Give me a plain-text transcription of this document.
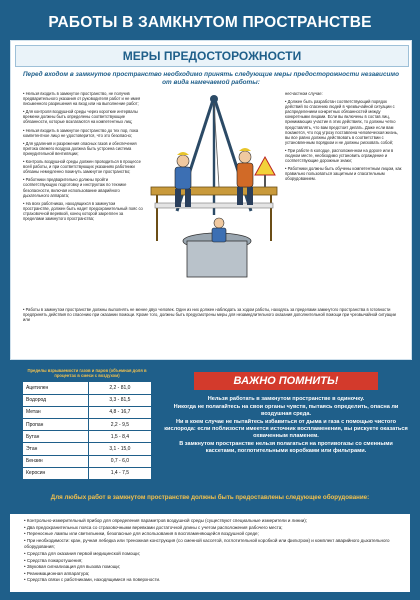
РАБОТЫ В ЗАМКНУТОМ ПРОСТРАНСТВЕ
МЕРЫ ПРЕДОСТОРОЖНОСТИ
Перед входом в замкнутое пространство необходимо принять следующие меры предосторожности независимо от вида намечаемой работы:

• Нельзя входить в замкнутое пространство, не получив предварительного указания от руководителя работ и не имея письменного разрешения на вход или на выполнение работ;

• Для контроля воздушной среды через короткие интервалы времени должны быть определены соответствующие обязанности, которые возлагаются на компетентных лиц;

• Нельзя входить в замкнутое пространство до тех пор, пока компетентное лицо не удостоверится, что это безопасно;

• Для удаления и разрежения опасных газов и обеспечения притока свежего воздуха должна быть устроена система принудительной вентиляции;

• Контроль воздушной среды должен проводиться в процессе всей работы, и при соответствующих указаниях работники обязаны немедленно покинуть замкнутое пространство;

• Работники предварительно должны пройти соответствующую подготовку и инструктаж по технике безопасности, включая использование аварийного дыхательного аппарата;

• На всех работниках, находящихся в замкнутом пространстве, должен быть надет предохранительный пояс со страховочной веревкой, конец которой закреплен за пределами замкнутого пространства;

несчастном случае:

• Должен быть разработан соответствующий порядок действий по спасению людей в чрезвычайной ситуации с распределением конкретных обязанностей между конкретными лицами. Если вы включены в состав лиц, принимающих участие в этих действиях, то должны четко представлять, что вам предстоит делать. Даже если вам покажется, что под угрозу поставлена человеческая жизнь, вы все равно должны действовать в соответствии с установленным порядком и не должны рисковать собой;

• При работе в колодце, расположенном на дороге или в людном месте, необходимо установить ограждение и соответствующие дорожные знаки;

• Работники должны быть обучены компетентным лицом, как правильно пользоваться защитным и спасательным оборудованием.

• Работы в замкнутом пространстве должны выполнять не менее двух человек. Один из них должен наблюдать за ходом работы, находясь за пределами замкнутого пространства в готовности предпринять действия по спасению при оказании помощи. Кроме того, должны быть предусмотрены меры для незамедлительного оказания дополнительной помощи при чрезвычайной ситуации или

Пределы взрываемости газов и паров (объемная доля в процентах в смеси с воздухом)
Ацетилен	2,2 - 81,0
Водород	3,3 - 81,5
Метан	4,8 - 16,7
Пропан	2,2 - 9,5
Бутан	1,5 - 8,4
Этан	3,1 - 15,0
Бензин	0,7 - 6,0
Керосин	1,4 - 7,5
ВАЖНО ПОМНИТЬ!

Нельзя работать в замкнутом пространстве в одиночку.

Никогда не полагайтесь на свои органы чувств, пытаясь определить, опасна ли воздушная среда.

Ни в коем случае не пытайтесь избавиться от дыма и газа с помощью чистого кислорода: если поблизости имеется источник воспламенения, вы рискуете оказаться охваченным пламенем.

В замкнутом пространстве нельзя полагаться на противогазы со сменными кассетами, поглотительными коробками или фильтрами.

Для любых работ в замкнутом пространстве должны быть предоставлены следующее оборудование:
• Контрольно-измерительный прибор для определения параметров воздушной среды (существуют специальные измерители и линии);
• Два предохранительных пояса со страховочными веревками достаточной длины с учетом расположения рабочего места;
• Переносные лампы или светильники, безопасные для использования в воспламеняющейся воздушной среде;
• При необходимости: кран, ручная лебедка или треножная конструкция (со сменной кассетой, поглотительной коробкой или фильтром) и комплект аварийного дыхательного оборудования;
• Средства для оказания первой медицинской помощи;
• Средства пожаротушения;
• Звуковая сигнализация для вызова помощи;
• Реанимационная аппаратура;
• Средства связи с работниками, находящимися на поверхности.
